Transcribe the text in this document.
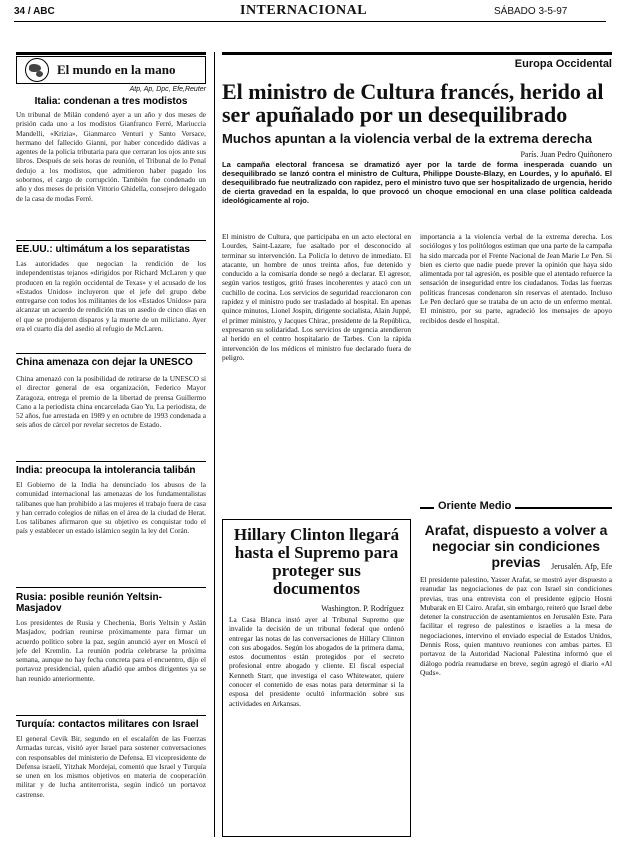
34 / ABC	INTERNACIONAL	SÁBADO 3-5-97
El mundo en la mano
Atp, Ap, Dpc, Efe,Reuter
Italia: condenan a tres modistos
Un tribunal de Milán condenó ayer a un año y dos meses de prisión cada uno a los modistos Gianfranco Ferré, Mariuccia Mandelli, «Krizia», Gianmarco Venturi y Santo Versace, hermano del fallecido Gianni, por haber concedido dádivas a agentes de la policía tributaria para que cerraran los ojos ante sus libros. Después de seis horas de reunión, el Tribunal de lo Penal dedujo a los modistos, que admitieron haber pagado los sobornos, el cargo de corrupción. También fue condenado un año y dos meses de prisión Vittorio Ghidella, consejero delegado de la casa de modas Ferré.
EE.UU.: ultimátum a los separatistas
Las autoridades que negocian la rendición de los independentistas tejanos «dirigidos por Richard McLaren y que producen en la región occidental de Texas» y el acusado de los «Estados Unidos» incluyeron que el jefe del grupo debe entregarse con todos los militantes de los «Estados Unidos» para alcanzar un acuerdo de rendición tras un asedio de cinco días en el que se produjeron disparos y la muerte de un miliciano. Ayer era el cuarto día del asedio al refugio de McLaren.
China amenaza con dejar la UNESCO
China amenazó con la posibilidad de retirarse de la UNESCO si el director general de esa organización, Federico Mayor Zaragoza, entrega el premio de la libertad de prensa Guillermo Cano a la periodista china encarcelada Gao Yu. La periodista, de 52 años, fue arrestada en 1989 y en octubre de 1993 condenada a seis años de cárcel por revelar secretos de Estado.
India: preocupa la intolerancia talibán
El Gobierno de la India ha denunciado los abusos de la comunidad internacional las amenazas de los fundamentalistas talibanes que han prohibido a las mujeres el trabajo fuera de casa y han cerrado colegios de niñas en el área de la ciudad de Herat. Los talibanes afirmaron que su objetivo es conquistar todo el país y establecer un estado islámico según la ley del Corán.
Rusia: posible reunión Yeltsin-Masjadov
Los presidentes de Rusia y Chechenia, Boris Yeltsin y Aslán Masjadov, podrían reunirse próximamente para firmar un acuerdo político sobre la paz, según anunció ayer en Moscú el jefe del Kremlin. La reunión podría celebrarse la próxima semana, aunque no hay fecha concreta para el encuentro, dijo el portavoz presidencial, quien añadió que ambos dirigentes ya se han reunido anteriormente.
Turquía: contactos militares con Israel
El general Cevik Bir, segundo en el escalafón de las Fuerzas Armadas turcas, visitó ayer Israel para sostener conversaciones con responsables del ministerio de Defensa. El vicepresidente de Defensa israelí, Yitzhak Mordejai, comentó que Israel y Turquía se unen en los mismos objetivos en materia de cooperación militar y de lucha antiterrorista, según indicó un portavoz castrense.
Europa Occidental
El ministro de Cultura francés, herido al ser apuñalado por un desequilibrado
Muchos apuntan a la violencia verbal de la extrema derecha
París. Juan Pedro Quiñonero
La campaña electoral francesa se dramatizó ayer por la tarde de forma inesperada cuando un desequilibrado se lanzó contra el ministro de Cultura, Philippe Douste-Blazy, en Lourdes, y lo apuñaló. El desequilibrado fue neutralizado con rapidez, pero el ministro tuvo que ser hospitalizado de urgencia, herido de cierta gravedad en la espalda, lo que provocó un choque emocional en una clase política caldeada ideológicamente al rojo.
El ministro de Cultura, que participaba en un acto electoral en Lourdes, Saint-Lazare, fue asaltado por el desconocido al terminar su intervención. La Policía lo detuvo de inmediato. El atacante, un hombre de unos treinta años, fue detenido y conducido a la comisaría donde se negó a declarar. El agresor, según varios testigos, gritó frases incoherentes y atacó con un cuchillo de cocina. Los servicios de seguridad reaccionaron con rapidez y el ministro pudo ser trasladado al hospital. En apenas quince minutos, Lionel Jospin, dirigente socialista, Alain Juppé, el primer ministro, y Jacques Chirac, presidente de la República, expresaron su solidaridad. Los servicios de urgencia atendieron al herido en el centro hospitalario de Tarbes. Con la rápida intervención de los médicos el ministro fue declarado fuera de peligro.
importancia a la violencia verbal de la extrema derecha. Los sociólogos y los politólogos estiman que una parte de la campaña ha sido marcada por el Frente Nacional de Jean Marie Le Pen. Si bien es cierto que nadie puede prever la opinión que haya sido alimentada por tal agresión, es posible que el atentado refuerce la sensación de inseguridad entre los ciudadanos. Todas las fuerzas políticas francesas condenaron sin reservas el atentado. Incluso Le Pen declaró que se trataba de un acto de un enfermo mental. El ministro, por su parte, agradeció los mensajes de apoyo recibidos desde el hospital.
Hillary Clinton llegará hasta el Supremo para proteger sus documentos
Washington. P. Rodríguez
La Casa Blanca instó ayer al Tribunal Supremo que invalide la decisión de un tribunal federal que ordenó entregar las notas de las conversaciones de Hillary Clinton con sus abogados. Según los abogados de la primera dama, estos documentos están protegidos por el secreto profesional entre abogado y cliente. El fiscal especial Kenneth Starr, que investiga el caso Whitewater, quiere conocer el contenido de esas notas para determinar si la esposa del presidente ocultó información sobre sus actividades en Arkansas.
Oriente Medio
Arafat, dispuesto a volver a negociar sin condiciones previas	Jerusalén. Afp, Efe
El presidente palestino, Yasser Arafat, se mostró ayer dispuesto a reanudar las negociaciones de paz con Israel sin condiciones previas, tras una entrevista con el presidente egipcio Hosni Mubarak en El Cairo. Arafat, sin embargo, reiteró que Israel debe detener la construcción de asentamientos en Jerusalén Este. Para facilitar el regreso de palestinos e israelíes a la mesa de negociaciones, intervino el enviado especial de Estados Unidos, Dennis Ross, quien mantuvo reuniones con ambas partes. El portavoz de la Autoridad Nacional Palestina informó que el diálogo podría reanudarse en breve, según agregó el diario «Al Quds».
